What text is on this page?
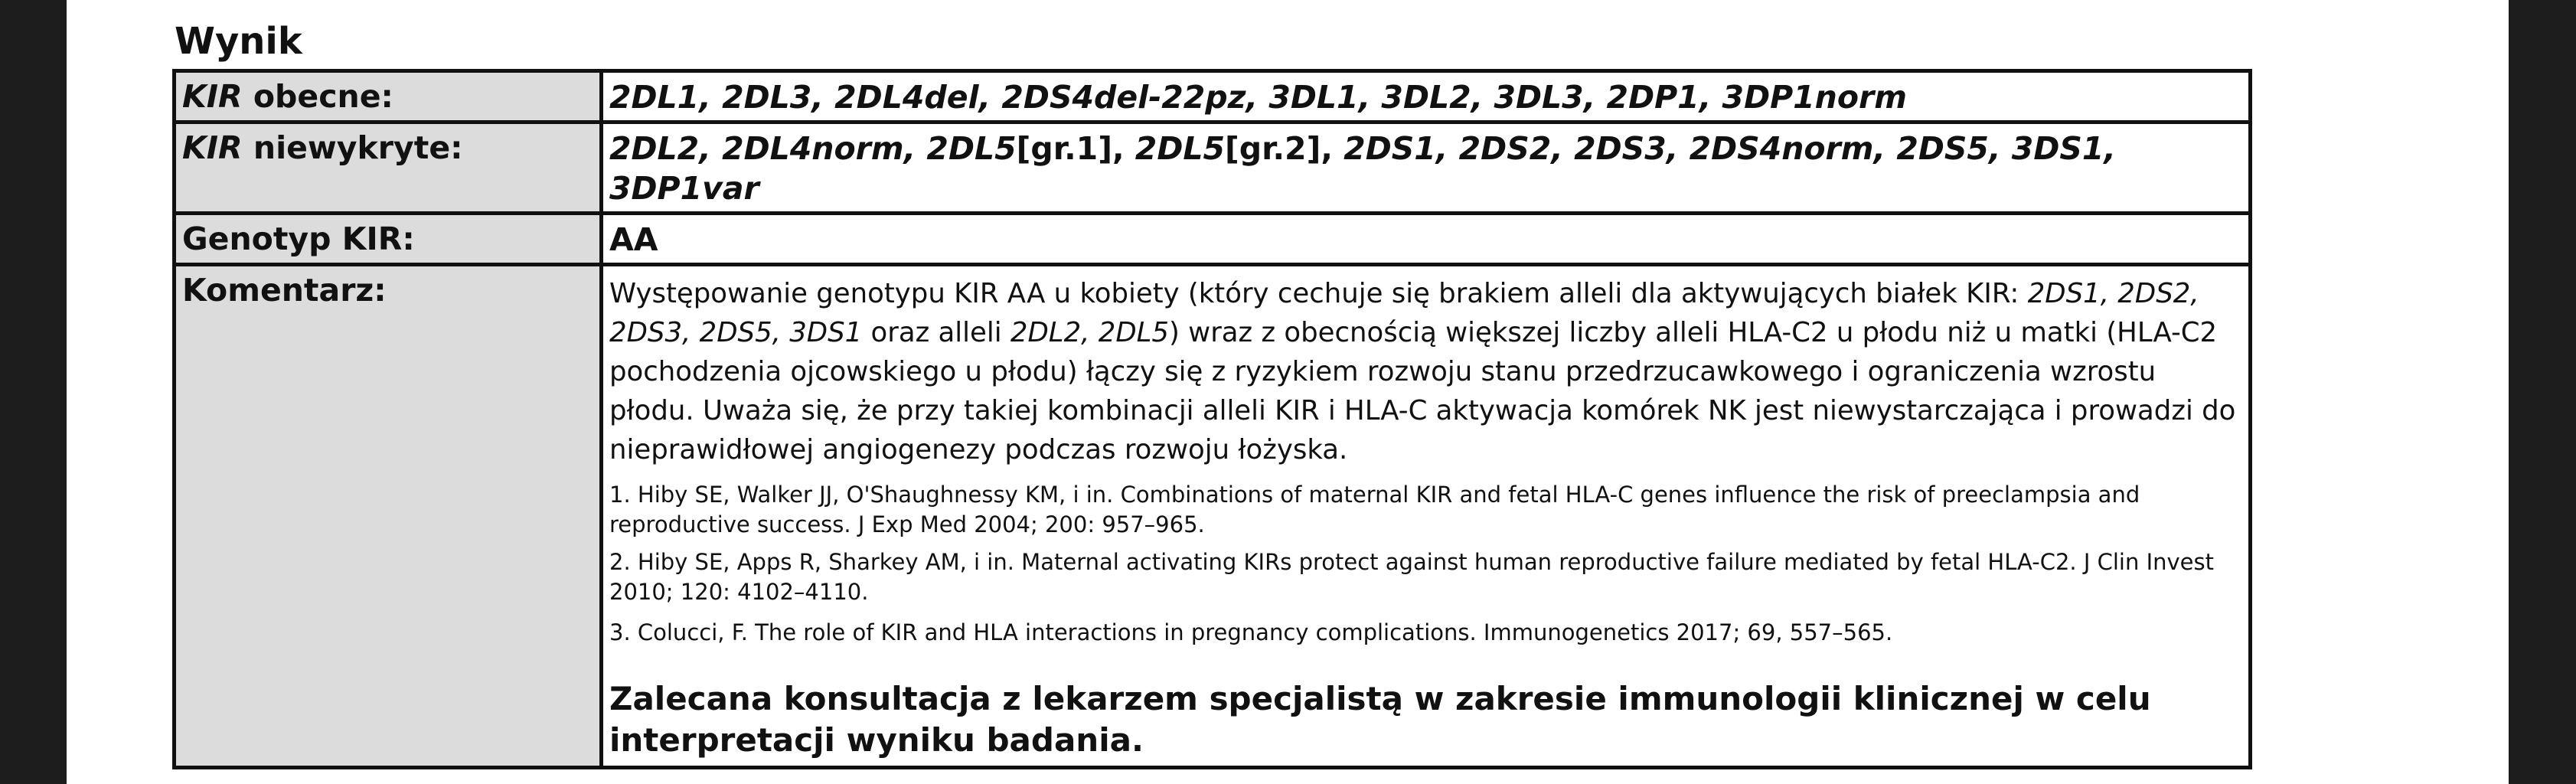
Wynik
KIR obecne:	2DL1, 2DL3, 2DL4del, 2DS4del-22pz, 3DL1, 3DL2, 3DL3, 2DP1, 3DP1norm
KIR niewykryte:	2DL2, 2DL4norm, 2DL5[gr.1], 2DL5[gr.2], 2DS1, 2DS2, 2DS3, 2DS4norm, 2DS5, 3DS1, 3DP1var
Genotyp KIR:	AA
Komentarz:	Występowanie genotypu KIR AA u kobiety (który cechuje się brakiem alleli dla aktywujących białek KIR: 2DS1, 2DS2, 2DS3, 2DS5, 3DS1 oraz alleli 2DL2, 2DL5) wraz z obecnością większej liczby alleli HLA-C2 u płodu niż u matki (HLA-C2 pochodzenia ojcowskiego u płodu) łączy się z ryzykiem rozwoju stanu przedrzucawkowego i ograniczenia wzrostu płodu. Uważa się, że przy takiej kombinacji alleli KIR i HLA-C aktywacja komórek NK jest niewystarczająca i prowadzi do nieprawidłowej angiogenezy podczas rozwoju łożyska.
1. Hiby SE, Walker JJ, O'Shaughnessy KM, i in. Combinations of maternal KIR and fetal HLA-C genes influence the risk of preeclampsia and reproductive success. J Exp Med 2004; 200: 957–965.
2. Hiby SE, Apps R, Sharkey AM, i in. Maternal activating KIRs protect against human reproductive failure mediated by fetal HLA-C2. J Clin Invest 2010; 120: 4102–4110.
3. Colucci, F. The role of KIR and HLA interactions in pregnancy complications. Immunogenetics 2017; 69, 557–565.
Zalecana konsultacja z lekarzem specjalistą w zakresie immunologii klinicznej w celu interpretacji wyniku badania.
